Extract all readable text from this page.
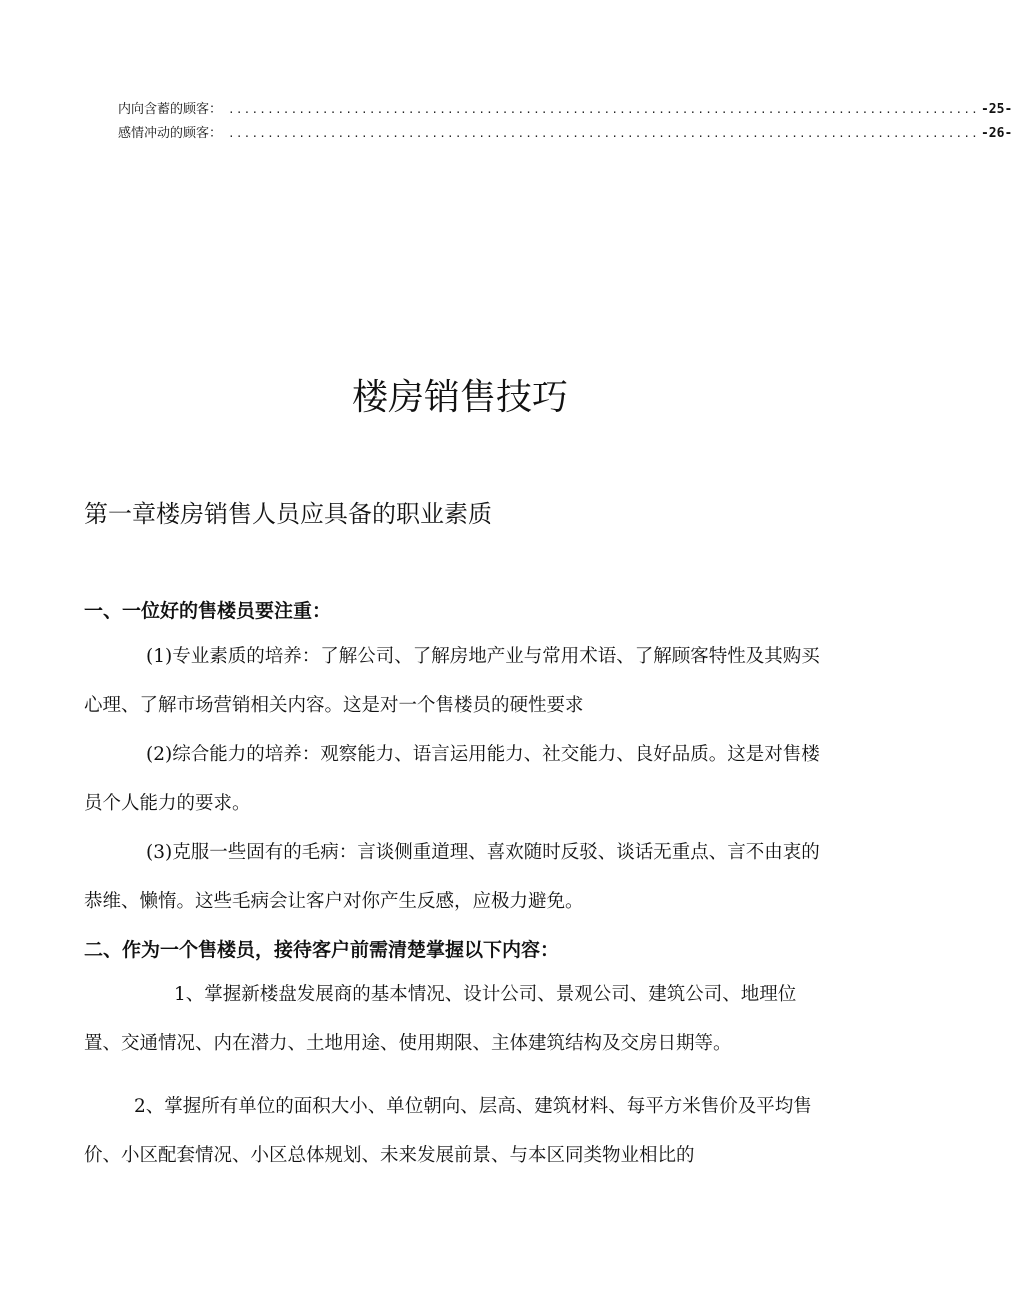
内向含蓄的顾客： ................................................................................................ -25-
感情冲动的顾客： ................................................................................................ -26-
楼房销售技巧
第一章楼房销售人员应具备的职业素质
一、一位好的售楼员要注重：

(1)专业素质的培养：了解公司、了解房地产业与常用术语、了解顾客特性及其购买心理、了解市场营销相关内容。这是对一个售楼员的硬性要求

(2)综合能力的培养：观察能力、语言运用能力、社交能力、良好品质。这是对售楼员个人能力的要求。

(3)克服一些固有的毛病：言谈侧重道理、喜欢随时反驳、谈话无重点、言不由衷的恭维、懒惰。这些毛病会让客户对你产生反感，应极力避免。

二、作为一个售楼员，接待客户前需清楚掌握以下内容：

1、掌握新楼盘发展商的基本情况、设计公司、景观公司、建筑公司、地理位置、交通情况、内在潜力、土地用途、使用期限、主体建筑结构及交房日期等。

2、掌握所有单位的面积大小、单位朝向、层高、建筑材料、每平方米售价及平均售价、小区配套情况、小区总体规划、未来发展前景、与本区同类物业相比的
